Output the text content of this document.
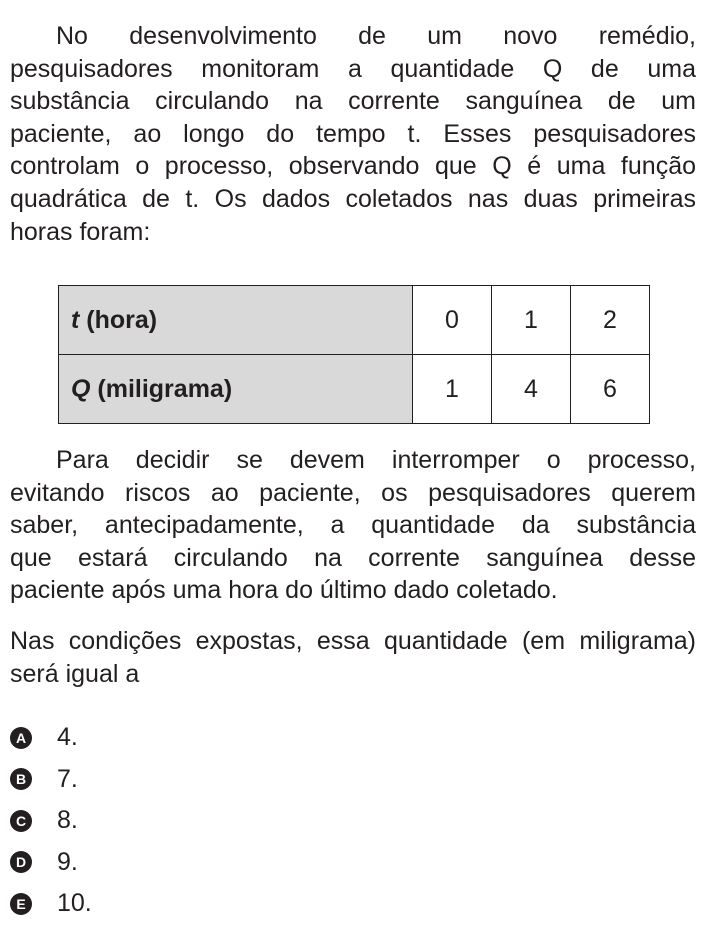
No desenvolvimento de um novo remédio,
pesquisadores monitoram a quantidade Q de uma
substância circulando na corrente sanguínea de um
paciente, ao longo do tempo t. Esses pesquisadores
controlam o processo, observando que Q é uma função
quadrática de t. Os dados coletados nas duas primeiras
horas foram:

t (hora)	0	1	2
Q (miligrama)	1	4	6

Para decidir se devem interromper o processo,
evitando riscos ao paciente, os pesquisadores querem
saber, antecipadamente, a quantidade da substância
que estará circulando na corrente sanguínea desse
paciente após uma hora do último dado coletado.

Nas condições expostas, essa quantidade (em miligrama)
será igual a

A 4.
B 7.
C 8.
D 9.
E 10.
